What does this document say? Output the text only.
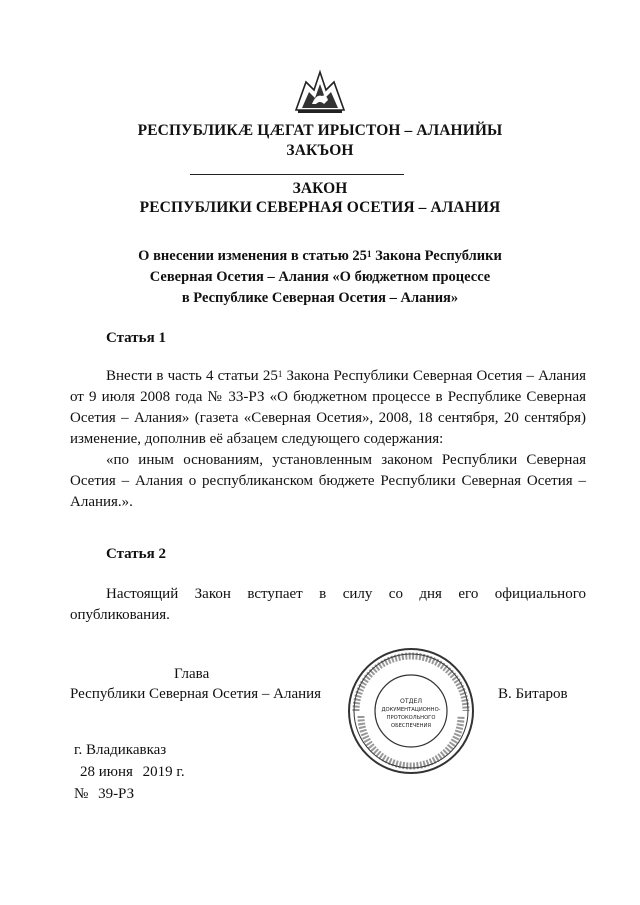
РЕСПУБЛИКӔ ЦӔГАТ ИРЫСТОН – АЛАНИЙЫ
ЗАКЪОН
ЗАКОН
РЕСПУБЛИКИ СЕВЕРНАЯ ОСЕТИЯ – АЛАНИЯ
О внесении изменения в статью $25^1$ Закона Республики
Северная Осетия – Алания «О бюджетном процессе
в Республике Северная Осетия – Алания»
Статья 1

Внести в часть 4 статьи $25^1$ Закона Республики Северная Осетия – Алания от 9 июля 2008 года № 33-РЗ «О бюджетном процессе в Республике Северная Осетия – Алания» (газета «Северная Осетия», 2008, 18 сентября, 20 сентября) изменение, дополнив её абзацем следующего содержания:

«по иным основаниям, установленным законом Республики Северная Осетия – Алания о республиканском бюджете Республики Северная Осетия – Алания.».

Статья 2

Настоящий Закон вступает в силу со дня его официального опубликования.

Глава
Республики Северная Осетия – Алания	В. Битаров
ОТДЕЛ
ДОКУМЕНТАЦИОННО-
ПРОТОКОЛЬНОГО
ОБЕСПЕЧЕНИЯ
г. Владикавказ
28 июня 2019 г.
№ 39-РЗ
